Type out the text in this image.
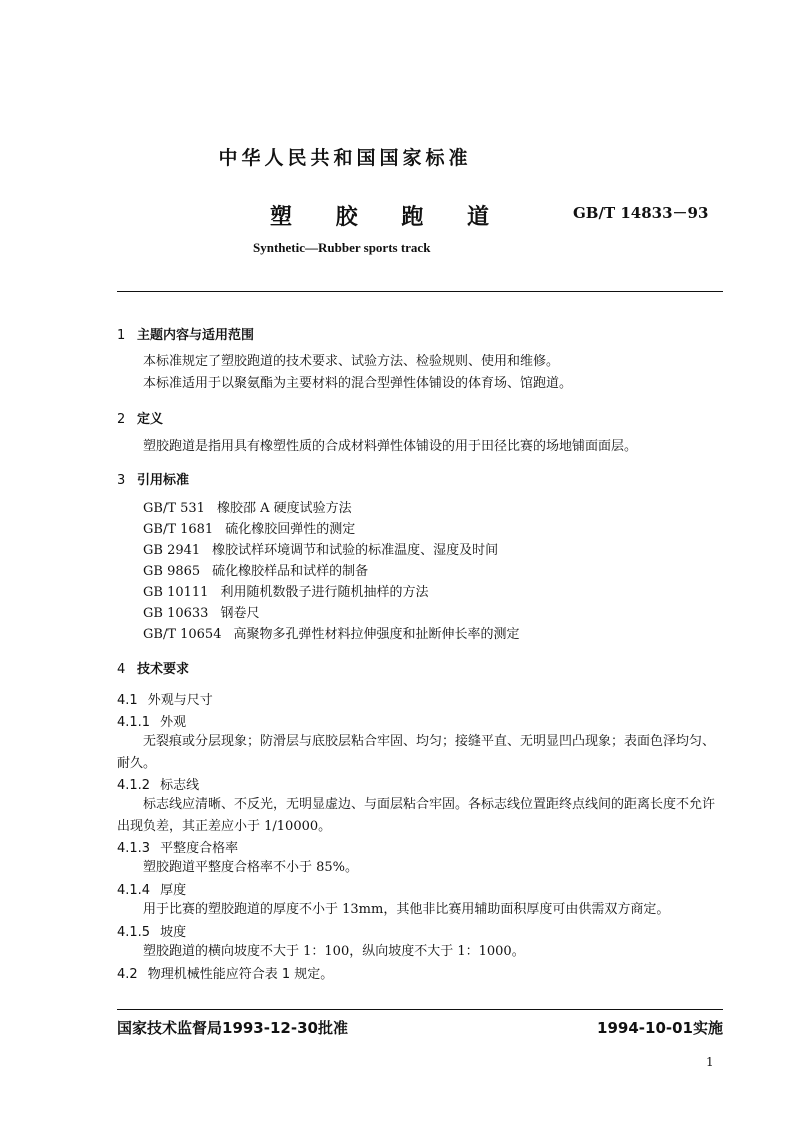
中华人民共和国国家标准
塑 胶 跑 道	GB/T 14833－93
Synthetic—Rubber sports track
1 主题内容与适用范围
本标准规定了塑胶跑道的技术要求、试验方法、检验规则、使用和维修。
本标准适用于以聚氨酯为主要材料的混合型弹性体铺设的体育场、馆跑道。
2 定义
塑胶跑道是指用具有橡塑性质的合成材料弹性体铺设的用于田径比赛的场地铺面面层。
3 引用标准
GB/T 531 橡胶邵 A 硬度试验方法
GB/T 1681 硫化橡胶回弹性的测定
GB 2941 橡胶试样环境调节和试验的标准温度、湿度及时间
GB 9865 硫化橡胶样品和试样的制备
GB 10111 利用随机数骰子进行随机抽样的方法
GB 10633 钢卷尺
GB/T 10654 高聚物多孔弹性材料拉伸强度和扯断伸长率的测定
4 技术要求
4.1 外观与尺寸
4.1.1 外观
无裂痕或分层现象；防滑层与底胶层粘合牢固、均匀；接缝平直、无明显凹凸现象；表面色泽均匀、耐久。
4.1.2 标志线
标志线应清晰、不反光，无明显虚边、与面层粘合牢固。各标志线位置距终点线间的距离长度不允许出现负差，其正差应小于 1/10000。
4.1.3 平整度合格率
塑胶跑道平整度合格率不小于 85%。
4.1.4 厚度
用于比赛的塑胶跑道的厚度不小于 13mm，其他非比赛用辅助面积厚度可由供需双方商定。
4.1.5 坡度
塑胶跑道的横向坡度不大于 1：100，纵向坡度不大于 1：1000。
4.2 物理机械性能应符合表 1 规定。
国家技术监督局1993-12-30批准	1994-10-01实施
1
